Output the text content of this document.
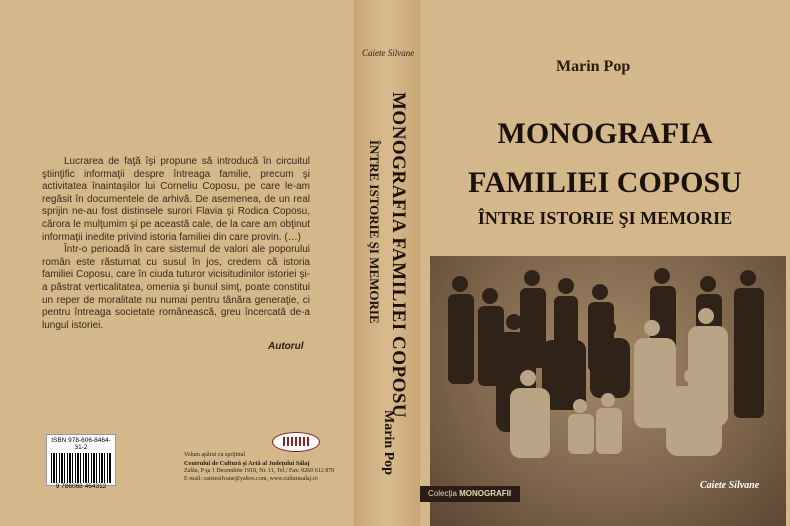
Lucrarea de faţă îşi propune să introducă în circuitul ştiinţific informaţii despre întreaga familie, precum şi activitatea înaintaşilor lui Corneliu Coposu, pe care le-am regăsit în documentele de arhivă. De asemenea, de un real sprijin ne-au fost distinsele surori Flavia şi Rodica Coposu, cărora le mulţumim şi pe această cale, de la care am obţinut informaţii inedite privind istoria familiei din care provin. (…)

Într-o perioadă în care sistemul de valori ale poporului român este răsturnat cu susul în jos, credem că istoria familiei Coposu, care în ciuda tuturor vicisitudinilor istoriei şi-a păstrat verticalitatea, omenia şi bunul simţ, poate constitui un reper de moralitate nu numai pentru tânăra generaţie, ci pentru întreaga societate românească, greu încercată de-a lungul istoriei.

Autorul
ISBN 978-606-8464-31-2
9 786068 464312
Volum apărut cu sprijinul
Centrului de Cultură şi Artă al Judeţului Sălaj
Zalău, P-ţa 1 Decembrie 1918, Nr. 11, Tel./ Fax: 0260 612 870
E-mail: caietesilvane@yahoo.com, www.culturasalaj.ro
Caiete Silvane
MONOGRAFIA FAMILIEI COPOSU
ÎNTRE ISTORIE ŞI MEMORIE
Marin Pop
Marin Pop
MONOGRAFIA
FAMILIEI COPOSU
ÎNTRE ISTORIE ŞI MEMORIE
Colecţia MONOGRAFII
Caiete Silvane
